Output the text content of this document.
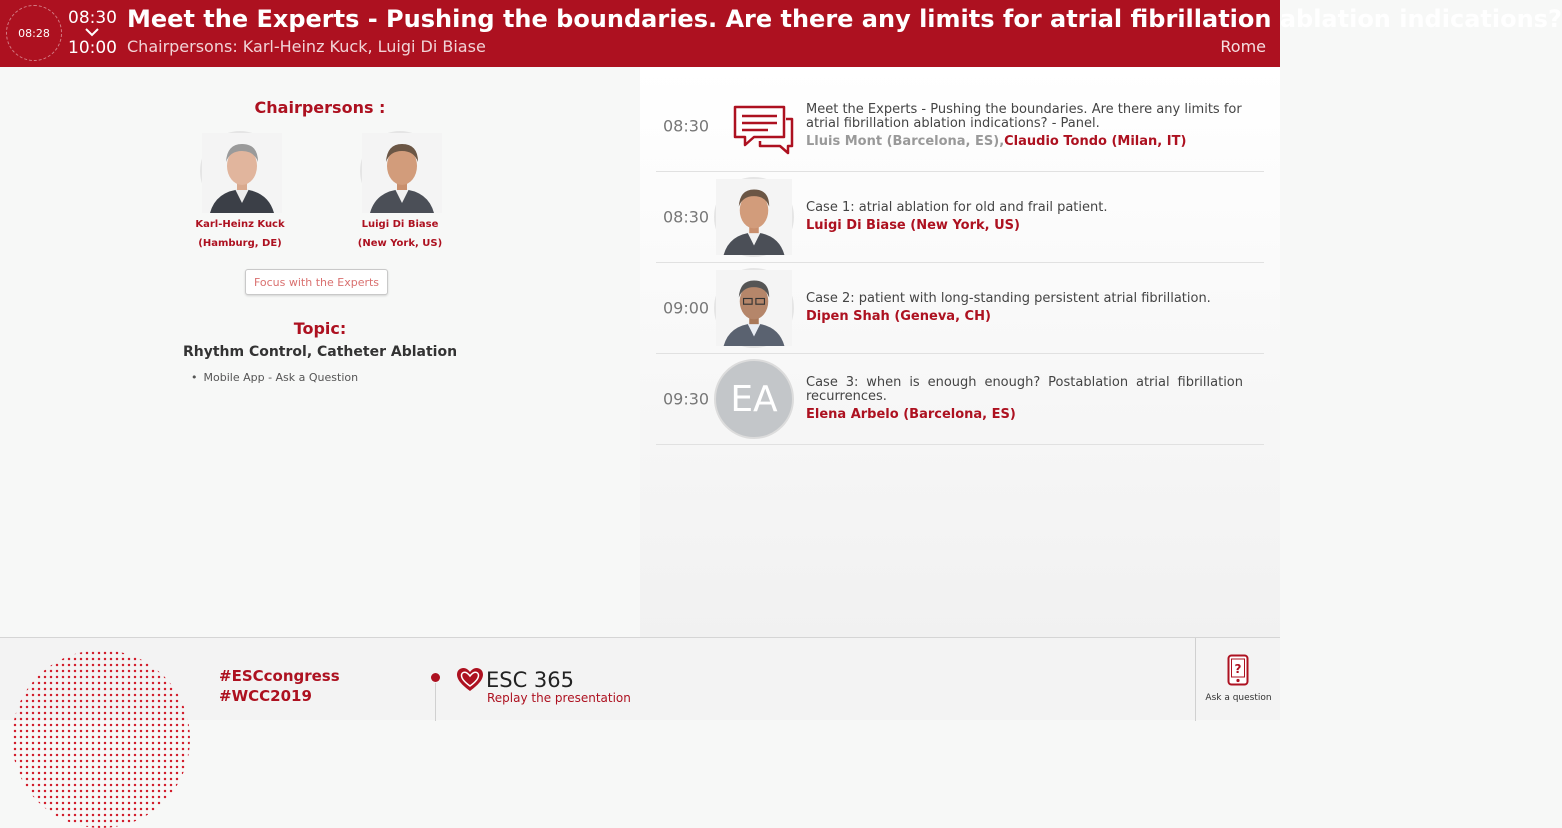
08:28
08:30
10:00
Meet the Experts - Pushing the boundaries. Are there any limits for atrial fibrillation ablation indications?
Chairpersons: Karl-Heinz Kuck, Luigi Di Biase	Rome
Chairpersons :
Karl-Heinz Kuck
(Hamburg, DE)
Luigi Di Biase
(New York, US)
Focus with the Experts
Topic:
Rhythm Control, Catheter Ablation
• Mobile App - Ask a Question
08:30
Meet the Experts - Pushing the boundaries. Are there any limits for atrial fibrillation ablation indications? - Panel.
Lluis Mont (Barcelona, ES),Claudio Tondo (Milan, IT)
08:30	Case 1: atrial ablation for old and frail patient.
Luigi Di Biase (New York, US)
09:00	Case 2: patient with long-standing persistent atrial fibrillation.
Dipen Shah (Geneva, CH)
09:30 EA	Case 3: when is enough enough? Postablation atrial fibrillation recurrences.
Elena Arbelo (Barcelona, ES)
#ESCcongress
#WCC2019
ESC 365
Replay the presentation
?
Ask a question
